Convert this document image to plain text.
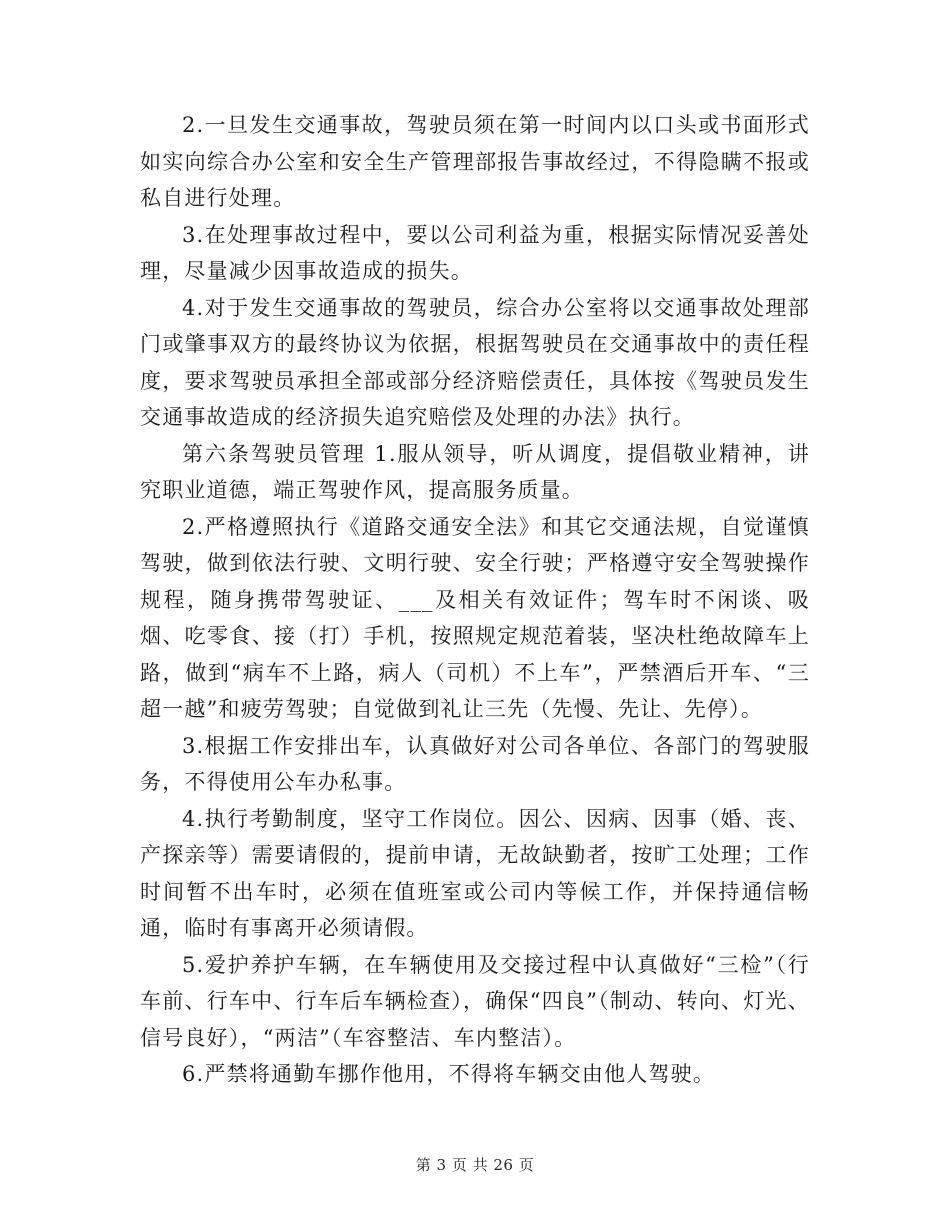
2.一旦发生交通事故，驾驶员须在第一时间内以口头或书面形式如实向综合办公室和安全生产管理部报告事故经过，不得隐瞒不报或私自进行处理。

3.在处理事故过程中，要以公司利益为重，根据实际情况妥善处理，尽量减少因事故造成的损失。

4.对于发生交通事故的驾驶员，综合办公室将以交通事故处理部门或肇事双方的最终协议为依据，根据驾驶员在交通事故中的责任程度，要求驾驶员承担全部或部分经济赔偿责任，具体按《驾驶员发生交通事故造成的经济损失追究赔偿及处理的办法》执行。

第六条驾驶员管理 1.服从领导，听从调度，提倡敬业精神，讲究职业道德，端正驾驶作风，提高服务质量。

2.严格遵照执行《道路交通安全法》和其它交通法规，自觉谨慎驾驶，做到依法行驶、文明行驶、安全行驶；严格遵守安全驾驶操作规程，随身携带驾驶证、___及相关有效证件；驾车时不闲谈、吸烟、吃零食、接（打）手机，按照规定规范着装，坚决杜绝故障车上路，做到“病车不上路，病人（司机）不上车”，严禁酒后开车、“三超一越”和疲劳驾驶；自觉做到礼让三先（先慢、先让、先停）。

3.根据工作安排出车，认真做好对公司各单位、各部门的驾驶服务，不得使用公车办私事。

4.执行考勤制度，坚守工作岗位。因公、因病、因事（婚、丧、产探亲等）需要请假的，提前申请，无故缺勤者，按旷工处理；工作时间暂不出车时，必须在值班室或公司内等候工作，并保持通信畅通，临时有事离开必须请假。

5.爱护养护车辆，在车辆使用及交接过程中认真做好“三检”（行车前、行车中、行车后车辆检查），确保“四良”（制动、转向、灯光、信号良好），“两洁”（车容整洁、车内整洁）。

6.严禁将通勤车挪作他用，不得将车辆交由他人驾驶。

第 3 页 共 26 页
